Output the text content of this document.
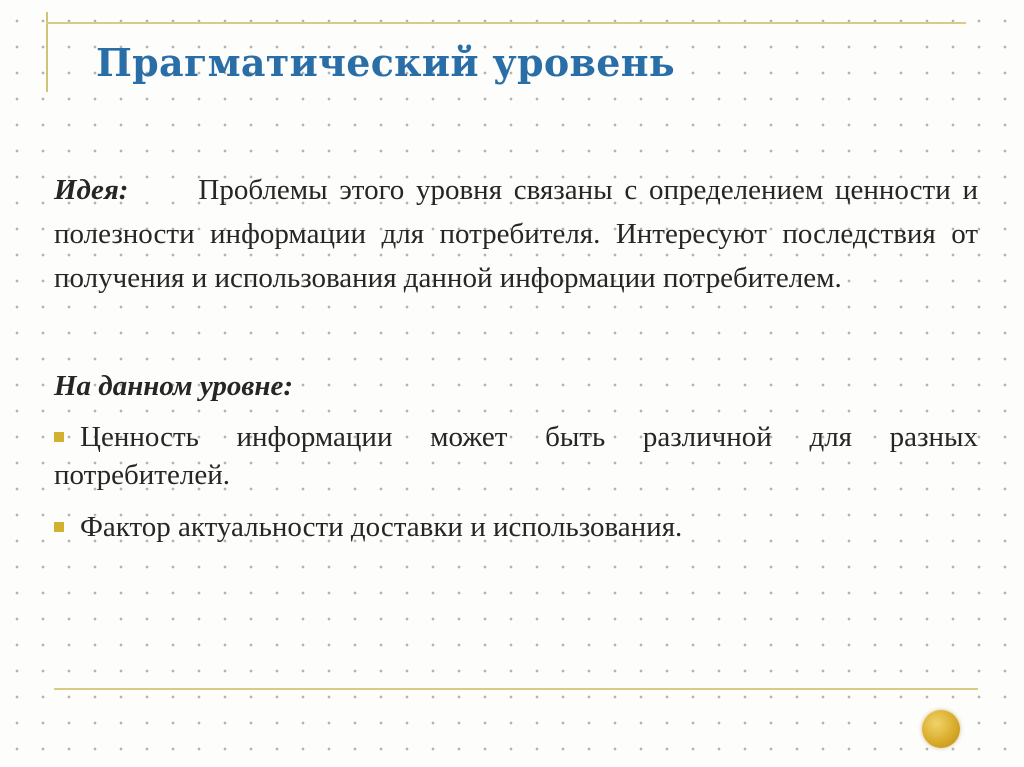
Прагматический уровень

Идея: Проблемы этого уровня связаны с определением ценности и полезности информации для потребителя. Интересуют последствия от получения и использования данной информации потребителем.

На данном уровне:

Ценность информации может быть различной для разных потребителей.
Фактор актуальности доставки и использования.
